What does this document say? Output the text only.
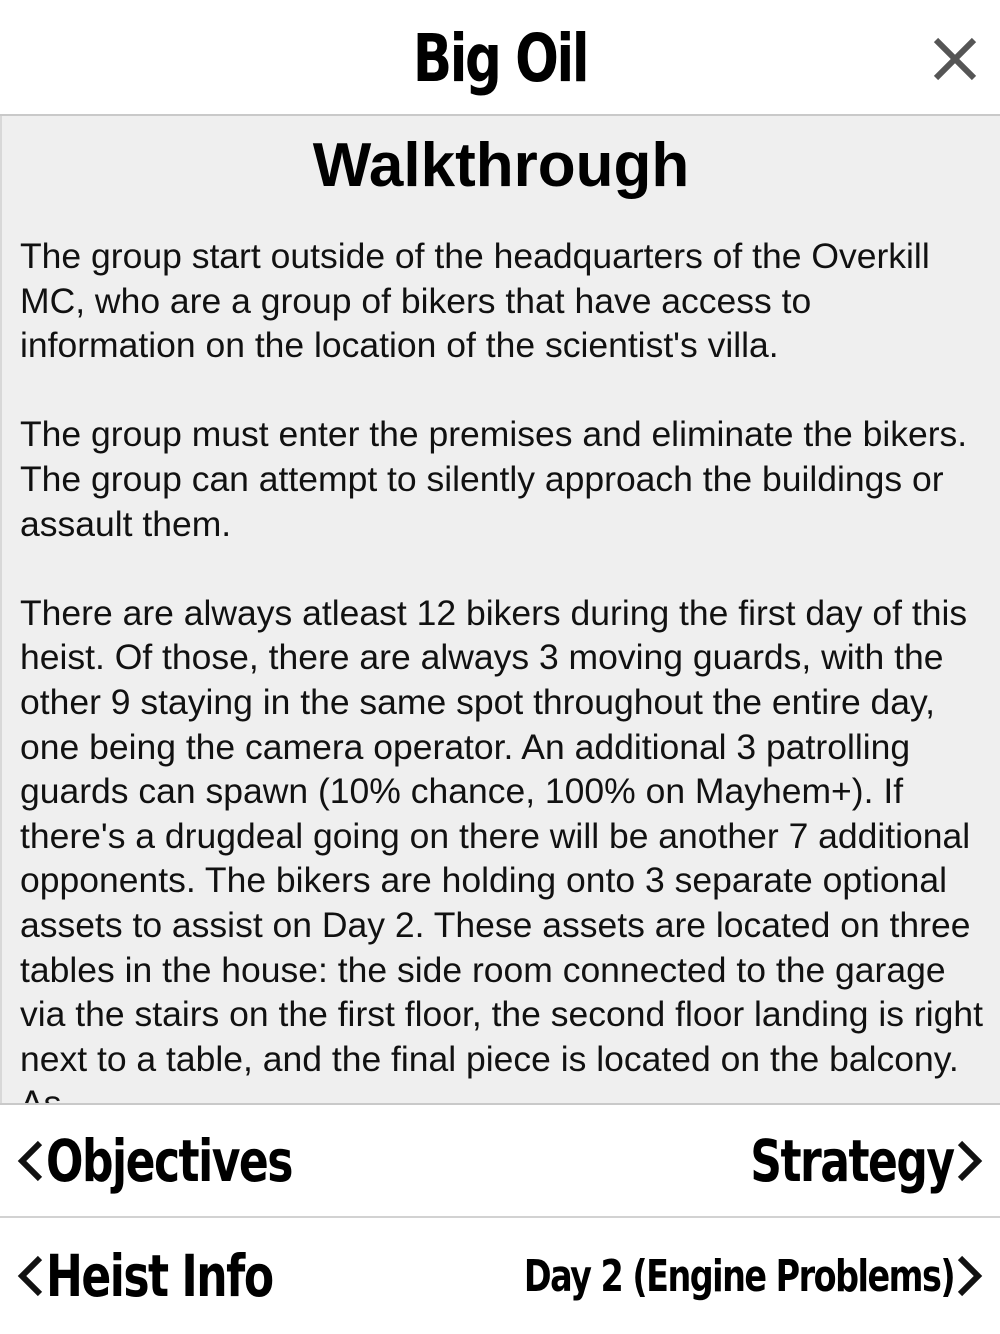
Big Oil
Walkthrough

The group start outside of the headquarters of the Overkill MC, who are a group of bikers that have access to information on the location of the scientist's villa.

The group must enter the premises and eliminate the bikers. The group can attempt to silently approach the buildings or assault them.

There are always atleast 12 bikers during the first day of this heist. Of those, there are always 3 moving guards, with the other 9 staying in the same spot throughout the entire day, one being the camera operator. An additional 3 patrolling guards can spawn (10% chance, 100% on Mayhem+). If there's a drugdeal going on there will be another 7 additional opponents. The bikers are holding onto 3 separate optional assets to assist on Day 2. These assets are located on three tables in the house: the side room connected to the garage via the stairs on the first floor, the second floor landing is right next to a table, and the final piece is located on the balcony.

Objectives	Strategy
Heist Info	Day 2 (Engine Problems)
